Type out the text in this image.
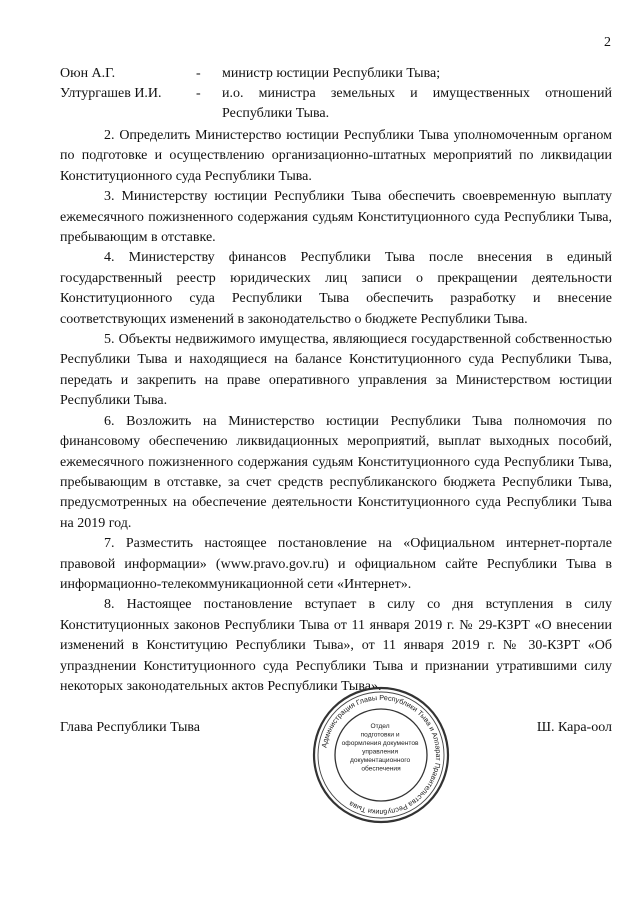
2
Оюн А.Г.	-	министр юстиции Республики Тыва;
Ултургашев И.И.	-	и.о. министра земельных и имущественных отношений Республики Тыва.

2. Определить Министерство юстиции Республики Тыва уполномоченным органом по подготовке и осуществлению организационно-штатных мероприятий по ликвидации Конституционного суда Республики Тыва.

3. Министерству юстиции Республики Тыва обеспечить своевременную выплату ежемесячного пожизненного содержания судьям Конституционного суда Республики Тыва, пребывающим в отставке.

4. Министерству финансов Республики Тыва после внесения в единый государственный реестр юридических лиц записи о прекращении деятельности Конституционного суда Республики Тыва обеспечить разработку и внесение соответствующих изменений в законодательство о бюджете Республики Тыва.

5. Объекты недвижимого имущества, являющиеся государственной собственностью Республики Тыва и находящиеся на балансе Конституционного суда Республики Тыва, передать и закрепить на праве оперативного управления за Министерством юстиции Республики Тыва.

6. Возложить на Министерство юстиции Республики Тыва полномочия по финансовому обеспечению ликвидационных мероприятий, выплат выходных пособий, ежемесячного пожизненного содержания судьям Конституционного суда Республики Тыва, пребывающим в отставке, за счет средств республиканского бюджета Республики Тыва, предусмотренных на обеспечение деятельности Конституционного суда Республики Тыва на 2019 год.

7. Разместить настоящее постановление на «Официальном интернет-портале правовой информации» (www.pravo.gov.ru) и официальном сайте Республики Тыва в информационно-телекоммуникационной сети «Интернет».

8. Настоящее постановление вступает в силу со дня вступления в силу Конституционных законов Республики Тыва от 11 января 2019 г. № 29-КЗРТ «О внесении изменений в Конституцию Республики Тыва», от 11 января 2019 г. № 30-КЗРТ «Об упразднении Конституционного суда Республики Тыва и признании утратившими силу некоторых законодательных актов Республики Тыва».

Глава Республики Тыва	Ш. Кара-оол
Администрация Главы Республики Тыва и Аппарат Правительства Республики Тыва
Отдел подготовки и оформления документов управления документационного обеспечения
